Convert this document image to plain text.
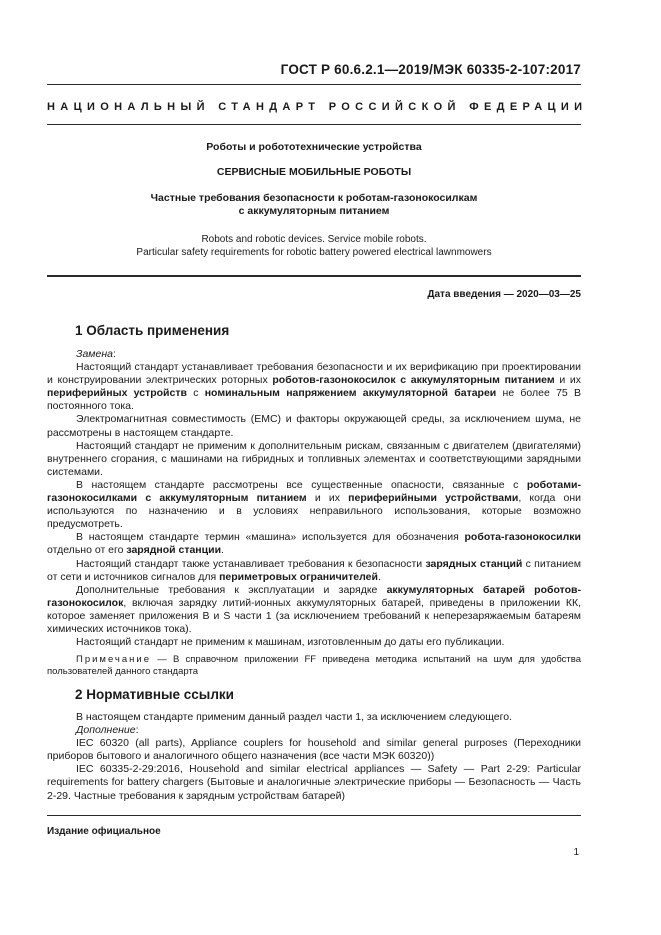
ГОСТ Р 60.6.2.1—2019/МЭК 60335-2-107:2017
НАЦИОНАЛЬНЫЙ СТАНДАРТ РОССИЙСКОЙ ФЕДЕРАЦИИ
Роботы и робототехнические устройства
СЕРВИСНЫЕ МОБИЛЬНЫЕ РОБОТЫ
Частные требования безопасности к роботам-газонокосилкам
с аккумуляторным питанием
Robots and robotic devices. Service mobile robots.
Particular safety requirements for robotic battery powered electrical lawnmowers
Дата введения — 2020—03—25
1 Область применения

Замена:

Настоящий стандарт устанавливает требования безопасности и их верификацию при проектировании и конструировании электрических роторных роботов-газонокосилок с аккумуляторным питанием и их периферийных устройств с номинальным напряжением аккумуляторной батареи не более 75 В постоянного тока.

Электромагнитная совместимость (ЕМС) и факторы окружающей среды, за исключением шума, не рассмотрены в настоящем стандарте.

Настоящий стандарт не применим к дополнительным рискам, связанным с двигателем (двигателями) внутреннего сгорания, с машинами на гибридных и топливных элементах и соответствующими зарядными системами.

В настоящем стандарте рассмотрены все существенные опасности, связанные с роботами-газонокосилками с аккумуляторным питанием и их периферийными устройствами, когда они используются по назначению и в условиях неправильного использования, которые возможно предусмотреть.

В настоящем стандарте термин «машина» используется для обозначения робота-газонокосилки отдельно от его зарядной станции.

Настоящий стандарт также устанавливает требования к безопасности зарядных станций с питанием от сети и источников сигналов для периметровых ограничителей.

Дополнительные требования к эксплуатации и зарядке аккумуляторных батарей роботов-газонокосилок, включая зарядку литий-ионных аккумуляторных батарей, приведены в приложении КК, которое заменяет приложения В и S части 1 (за исключением требований к неперезаряжаемым батареям химических источников тока).

Настоящий стандарт не применим к машинам, изготовленным до даты его публикации.

Примечание — В справочном приложении FF приведена методика испытаний на шум для удобства пользователей данного стандарта

2 Нормативные ссылки

В настоящем стандарте применим данный раздел части 1, за исключением следующего.

Дополнение:

IEC 60320 (all parts), Appliance couplers for household and similar general purposes (Переходники приборов бытового и аналогичного общего назначения (все части МЭК 60320))

IEC 60335-2-29:2016, Household and similar electrical appliances — Safety — Part 2-29: Particular requirements for battery chargers (Бытовые и аналогичные электрические приборы — Безопасность — Часть 2-29. Частные требования к зарядным устройствам батарей)

Издание официальное
1
